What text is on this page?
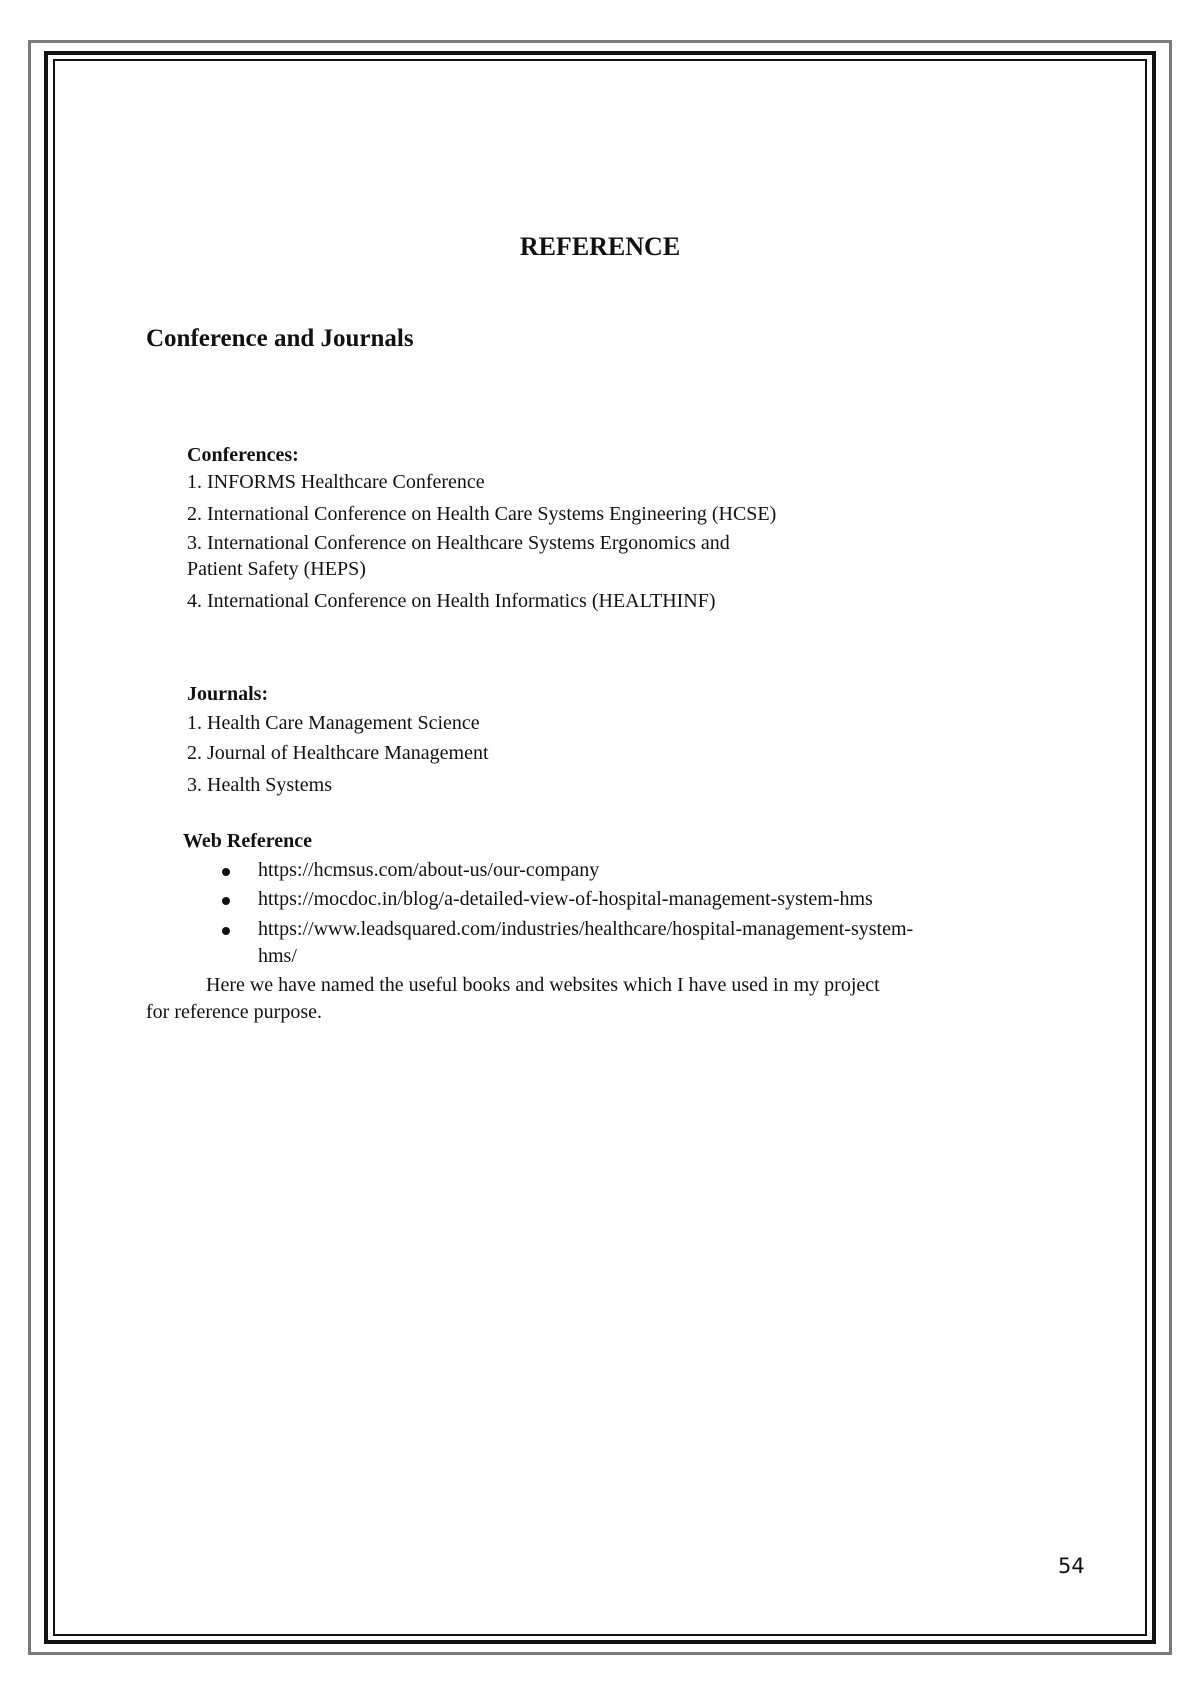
REFERENCE
Conference and Journals
Conferences:
1. INFORMS Healthcare Conference
2. International Conference on Health Care Systems Engineering (HCSE)
3. International Conference on Healthcare Systems Ergonomics and
Patient Safety (HEPS)
4. International Conference on Health Informatics (HEALTHINF)
Journals:
1. Health Care Management Science
2. Journal of Healthcare Management
3. Health Systems
Web Reference
https://hcmsus.com/about-us/our-company
https://mocdoc.in/blog/a-detailed-view-of-hospital-management-system-hms
https://www.leadsquared.com/industries/healthcare/hospital-management-system-
hms/
Here we have named the useful books and websites which I have used in my project
for reference purpose.
54
